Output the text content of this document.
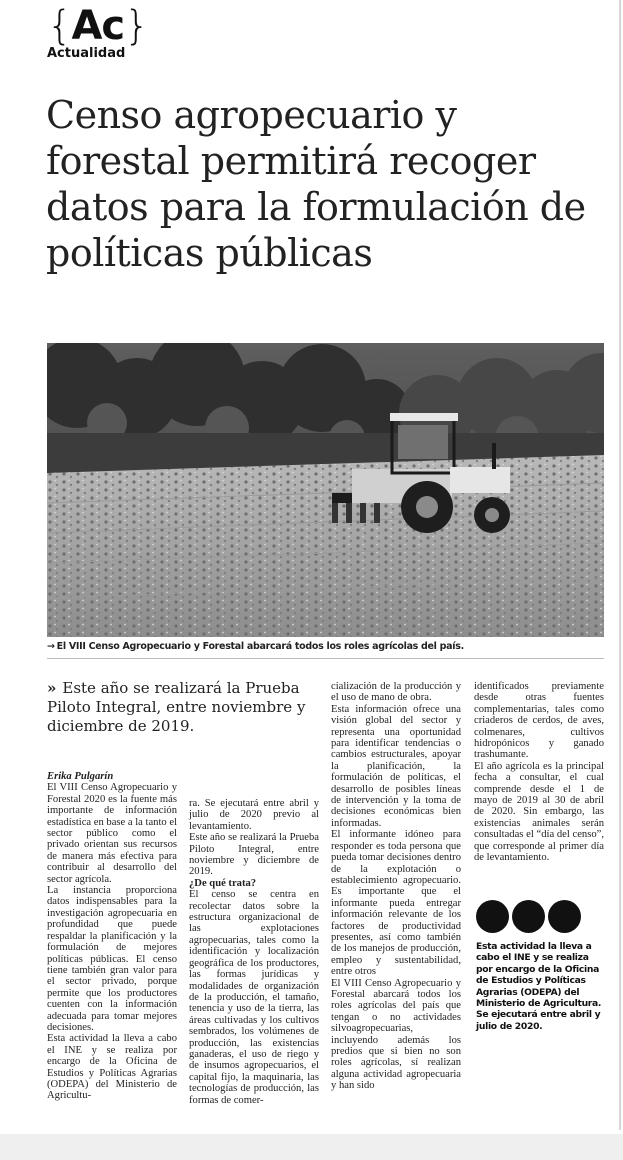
{Ac}
Actualidad
Censo agropecuario y forestal permitirá recoger datos para la formulación de políticas públicas
→ El VIII Censo Agropecuario y Forestal abarcará todos los roles agrícolas del país.
» Este año se realizará la Prueba Piloto Integral, entre noviembre y diciembre de 2019.

Erika Pulgarín

El VIII Censo Agropecuario y Forestal 2020 es la fuente más importante de información estadística en base a la tanto el sector público como el privado orientan sus recursos de manera más efectiva para contribuir al desarrollo del sector agrícola.

La instancia proporciona datos indispensables para la investigación agropecuaria en profundidad que puede respaldar la planificación y la formulación de mejores políticas públicas. El censo tiene también gran valor para el sector privado, porque permite que los productores cuenten con la información adecuada para tomar mejores decisiones.

Esta actividad la lleva a cabo el INE y se realiza por encargo de la Oficina de Estudios y Políticas Agrarias (ODEPA) del Ministerio de Agricultu-

ra. Se ejecutará entre abril y julio de 2020 previo al levantamiento.

Este año se realizará la Prueba Piloto Integral, entre noviembre y diciembre de 2019.

¿De qué trata?

El censo se centra en recolectar datos sobre la estructura organizacional de las explotaciones agropecuarias, tales como la identificación y localización geográfica de los productores, las formas jurídicas y modalidades de organización de la producción, el tamaño, tenencia y uso de la tierra, las áreas cultivadas y los cultivos sembrados, los volúmenes de producción, las existencias ganaderas, el uso de riego y de insumos agropecuarios, el capital fijo, la maquinaria, las tecnologías de producción, las formas de comer-

cialización de la producción y el uso de mano de obra.

Esta información ofrece una visión global del sector y representa una oportunidad para identificar tendencias o cambios estructurales, apoyar la planificación, la formulación de políticas, el desarrollo de posibles líneas de intervención y la toma de decisiones económicas bien informadas.

El informante idóneo para responder es toda persona que pueda tomar decisiones dentro de la explotación o establecimiento agropecuario. Es importante que el informante pueda entregar información relevante de los factores de productividad presentes, así como también de los manejos de producción, empleo y sustentabilidad, entre otros

El VIII Censo Agropecuario y Forestal abarcará todos los roles agrícolas del país que tengan o no actividades silvoagropecuarias, incluyendo además los predios que si bien no son roles agrícolas, sí realizan alguna actividad agropecuaria y han sido

identificados previamente desde otras fuentes complementarias, tales como criaderos de cerdos, de aves, colmenares, cultivos hidropónicos y ganado trashumante.

El año agrícola es la principal fecha a consultar, el cual comprende desde el 1 de mayo de 2019 al 30 de abril de 2020. Sin embargo, las existencias animales serán consultadas el “día del censo”, que corresponde al primer día de levantamiento.

Esta actividad la lleva a cabo el INE y se realiza por encargo de la Oficina de Estudios y Políticas Agrarias (ODEPA) del Ministerio de Agricultura. Se ejecutará entre abril y julio de 2020.
